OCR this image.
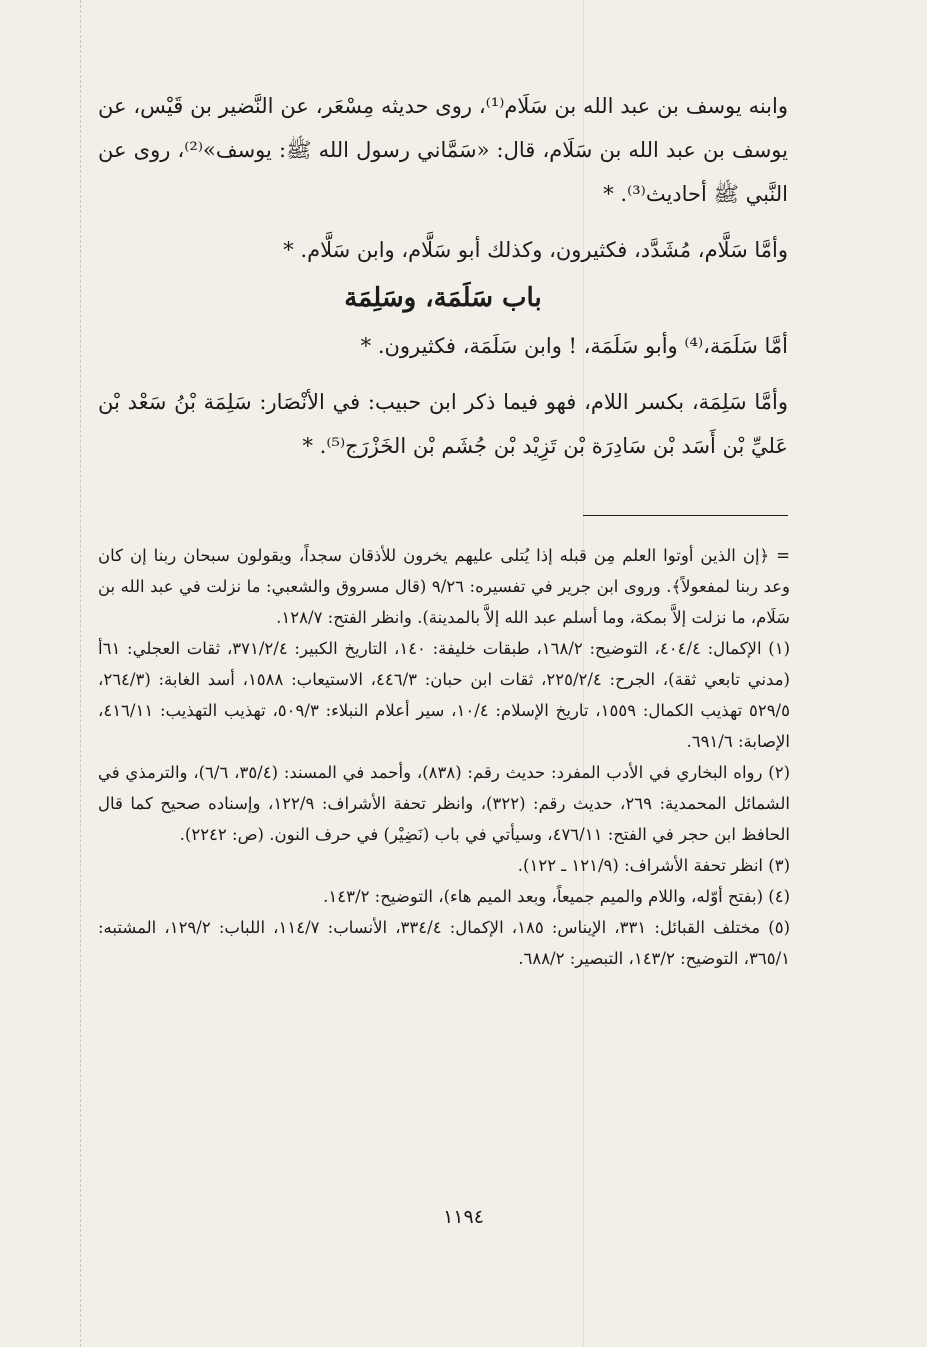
وابنه يوسف بن عبد الله بن سَلَام⁽¹⁾، روى حديثه مِسْعَر، عن النَّضير بن قَيْس، عن يوسف بن عبد الله بن سَلَام، قال: «سَمَّاني رسول الله ﷺ: يوسف»⁽²⁾، روى عن النَّبي ﷺ أحاديث⁽³⁾. *

وأمَّا سَلَّام، مُشَدَّد، فكثيرون، وكذلك أبو سَلَّام، وابن سَلَّام. *

باب سَلَمَة، وسَلِمَة

أمَّا سَلَمَة،⁽⁴⁾ وأبو سَلَمَة، ! وابن سَلَمَة، فكثيرون. *

وأمَّا سَلِمَة، بكسر اللام، فهو فيما ذكر ابن حبيب: في الأنْصَار: سَلِمَة بْنُ سَعْد بْن عَليِّ بْن أَسَد بْن سَادِرَة بْن تَزِيْد بْن جُشَم بْن الخَزْرَج⁽⁵⁾. *

= ﴿إن الذين أوتوا العلم مِن قبله إذا يُتلى عليهم يخرون للأذقان سجداً، ويقولون سبحان ربنا إن كان وعد ربنا لمفعولاً﴾. وروى ابن جرير في تفسيره: ٩/٢٦ (قال مسروق والشعبي: ما نزلت في عبد الله بن سَلَام، ما نزلت إلاَّ بمكة، وما أسلم عبد الله إلاَّ بالمدينة). وانظر الفتح: ١٢٨/٧.

(١) الإكمال: ٤٠٤/٤، التوضيح: ١٦٨/٢، طبقات خليفة: ١٤٠، التاريخ الكبير: ٣٧١/٢/٤، ثقات العجلي: ٦١أ (مدني تابعي ثقة)، الجرح: ٢٢٥/٢/٤، ثقات ابن حبان: ٤٤٦/٣، الاستيعاب: ١٥٨٨، أسد الغابة: (٢٦٤/٣، ٥٢٩/٥ تهذيب الكمال: ١٥٥٩، تاريخ الإسلام: ١٠/٤، سير أعلام النبلاء: ٥٠٩/٣، تهذيب التهذيب: ٤١٦/١١، الإصابة: ٦٩١/٦.

(٢) رواه البخاري في الأدب المفرد: حديث رقم: (٨٣٨)، وأحمد في المسند: (٣٥/٤، ٦/٦)، والترمذي في الشمائل المحمدية: ٢٦٩، حديث رقم: (٣٢٢)، وانظر تحفة الأشراف: ١٢٢/٩، وإسناده صحيح كما قال الحافظ ابن حجر في الفتح: ٤٧٦/١١، وسيأتي في باب (نَضِيْر) في حرف النون. (ص: ٢٢٤٢).

(٣) انظر تحفة الأشراف: (١٢١/٩ ـ ١٢٢).

(٤) (بفتح أوّله، واللام والميم جميعاً، وبعد الميم هاء)، التوضيح: ١٤٣/٢.

(٥) مختلف القبائل: ٣٣١، الإيناس: ١٨٥، الإكمال: ٣٣٤/٤، الأنساب: ١١٤/٧، اللباب: ١٢٩/٢، المشتبه: ٣٦٥/١، التوضيح: ١٤٣/٢، التبصير: ٦٨٨/٢.

١١٩٤
